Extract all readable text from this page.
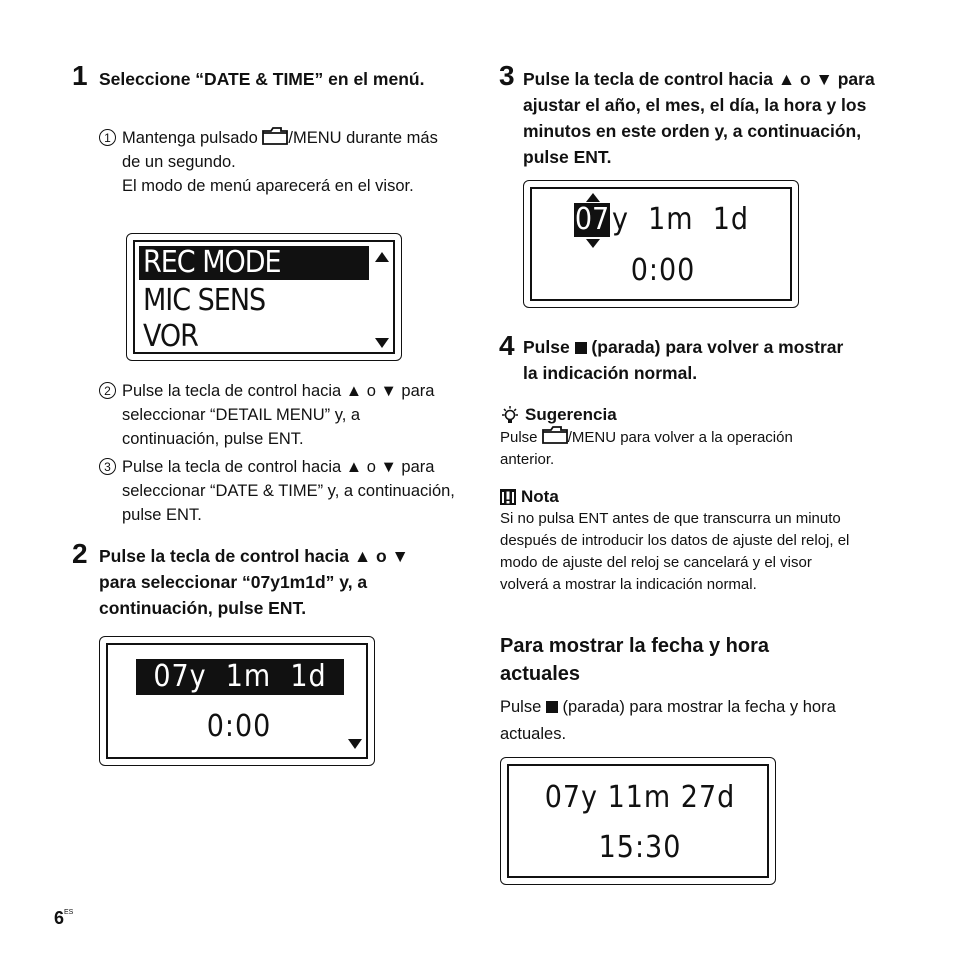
1 Seleccione “DATE & TIME” en el menú.
1 Mantenga pulsado /MENU durante más de un segundo.
El modo de menú aparecerá en el visor.
REC MODE
MIC SENS
VOR
2 Pulse la tecla de control hacia ▲ o ▼ para seleccionar “DETAIL MENU” y, a continuación, pulse ENT.
3 Pulse la tecla de control hacia ▲ o ▼ para seleccionar “DATE & TIME” y, a continuación, pulse ENT.
2 Pulse la tecla de control hacia ▲ o ▼ para seleccionar “07y1m1d” y, a continuación, pulse ENT.
07y  1m  1d
0:00
3 Pulse la tecla de control hacia ▲ o ▼ para ajustar el año, el mes, el día, la hora y los minutos en este orden y, a continuación, pulse ENT.
07 y  1m  1d
0:00
4 Pulse  (parada) para volver a mostrar la indicación normal.
Sugerencia
Pulse /MENU para volver a la operación anterior.
Nota
Si no pulsa ENT antes de que transcurra un minuto después de introducir los datos de ajuste del reloj, el modo de ajuste del reloj se cancelará y el visor volverá a mostrar la indicación normal.
Para mostrar la fecha y hora actuales
Pulse  (parada) para mostrar la fecha y hora actuales.
07y 11m 27d
15:30
$6^{ES}$
